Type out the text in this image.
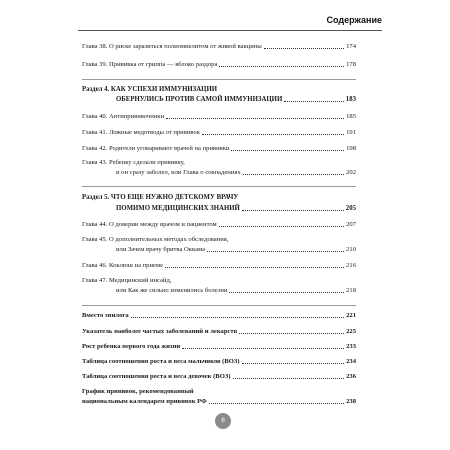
Содержание
Глава 38. О риске заразиться полиомиелитом от живой вакцины	174
Глава 39. Прививка от гриппа — яблоко раздора	178
Раздел 4. КАК УСПЕХИ ИММУНИЗАЦИИ
ОБЕРНУЛИСЬ ПРОТИВ САМОЙ ИММУНИЗАЦИИ	183
Глава 40. Антипрививочники	185
Глава 41. Ложные медотводы от прививок	191
Глава 42. Родители уговаривают врачей на прививки	198
Глава 43. Ребенку сделали прививку,
и он сразу заболел, или Глава о совпадениях	202
Раздел 5. ЧТО ЕЩЕ НУЖНО ДЕТСКОМУ ВРАЧУ
ПОМИМО МЕДИЦИНСКИХ ЗНАНИЙ	205
Глава 44. О доверии между врачом и пациентом	207
Глава 45. О дополнительных методах обследования,
или Зачем врачу бритва Оккама	210
Глава 46. Коклюш на приеме	216
Глава 47. Медицинский инсайд,
или Как же сильно изменились болезни	218
Вместо эпилога	221
Указатель наиболее частых заболеваний и лекарств	225
Рост ребенка первого года жизни	233
Таблица соотношения роста и веса мальчиков (ВОЗ)	234
Таблица соотношения роста и веса девочек (ВОЗ)	236
График прививок, рекомендованный
национальным календарем прививок РФ	238
8
